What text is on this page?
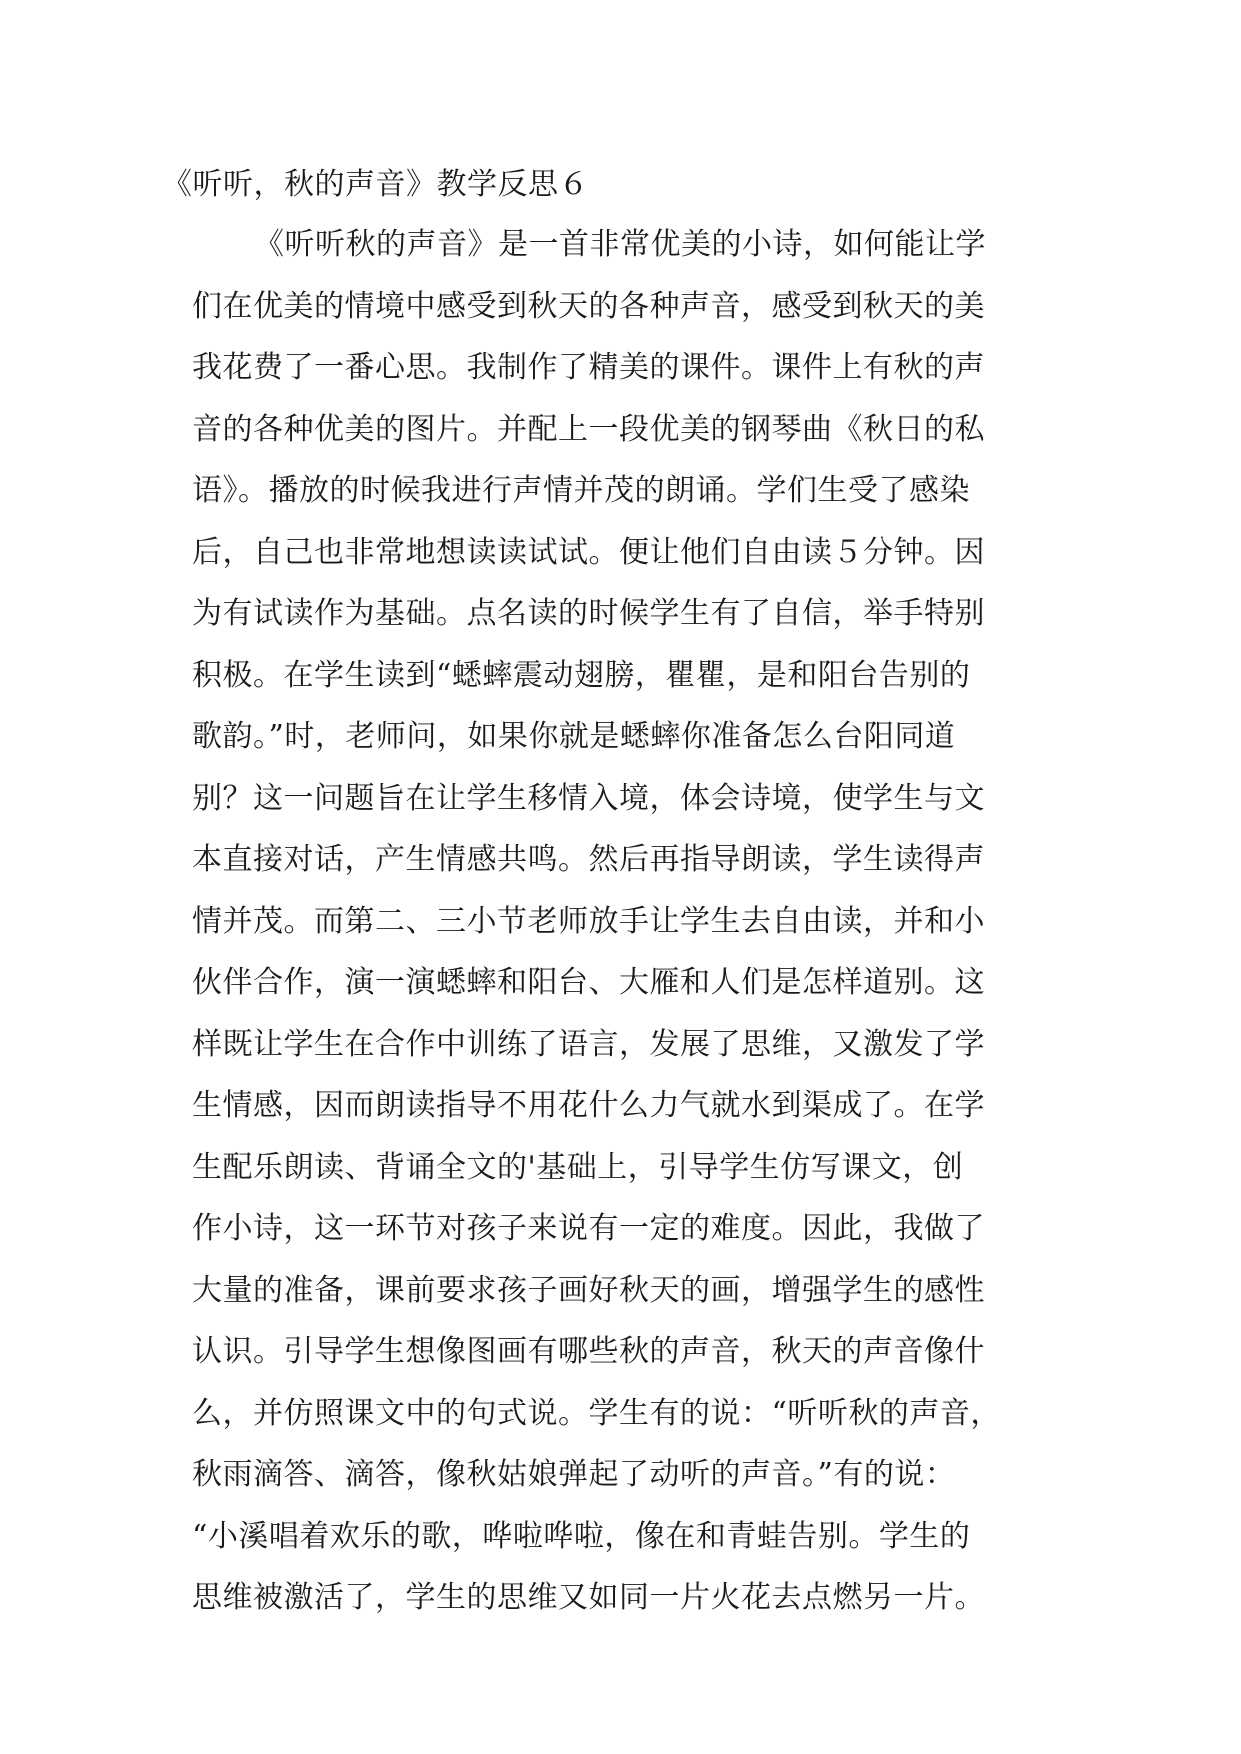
《听听，秋的声音》教学反思６
《听听秋的声音》是一首非常优美的小诗，如何能让学
们在优美的情境中感受到秋天的各种声音，感受到秋天的美
我花费了一番心思。我制作了精美的课件。课件上有秋的声
音的各种优美的图片。并配上一段优美的钢琴曲《秋日的私
语》。播放的时候我进行声情并茂的朗诵。学们生受了感染
后，自己也非常地想读读试试。便让他们自由读５分钟。因
为有试读作为基础。点名读的时候学生有了自信，举手特别
积极。在学生读到“蟋蟀震动翅膀，瞿瞿，是和阳台告别的
歌韵。”时，老师问，如果你就是蟋蟀你准备怎么台阳同道
别？这一问题旨在让学生移情入境，体会诗境，使学生与文
本直接对话，产生情感共鸣。然后再指导朗读，学生读得声
情并茂。而第二、三小节老师放手让学生去自由读，并和小
伙伴合作，演一演蟋蟀和阳台、大雁和人们是怎样道别。这
样既让学生在合作中训练了语言，发展了思维，又激发了学
生情感，因而朗读指导不用花什么力气就水到渠成了。在学
生配乐朗读、背诵全文的'基础上，引导学生仿写课文，创
作小诗，这一环节对孩子来说有一定的难度。因此，我做了
大量的准备，课前要求孩子画好秋天的画，增强学生的感性
认识。引导学生想像图画有哪些秋的声音，秋天的声音像什
么，并仿照课文中的句式说。学生有的说：“听听秋的声音，
秋雨滴答、滴答，像秋姑娘弹起了动听的声音。”有的说：
“小溪唱着欢乐的歌，哗啦哗啦，像在和青蛙告别。学生的
思维被激活了，学生的思维又如同一片火花去点燃另一片。
